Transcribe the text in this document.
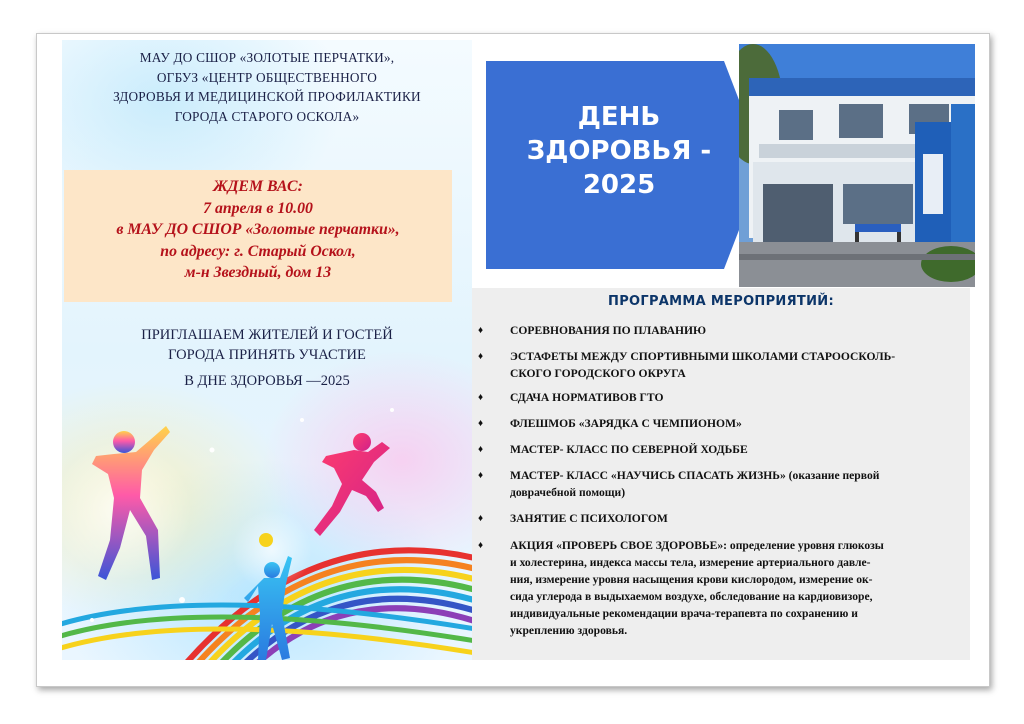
МАУ ДО СШОР «ЗОЛОТЫЕ ПЕРЧАТКИ»,
ОГБУЗ «ЦЕНТР ОБЩЕСТВЕННОГО
ЗДОРОВЬЯ И МЕДИЦИНСКОЙ ПРОФИЛАКТИКИ
ГОРОДА СТАРОГО ОСКОЛА»
ЖДЕМ ВАС:
7 апреля в 10.00
в МАУ ДО СШОР «Золотые перчатки»,
по адресу: г. Старый Оскол,
м-н Звездный, дом 13
ПРИГЛАШАЕМ ЖИТЕЛЕЙ И ГОСТЕЙ
ГОРОДА ПРИНЯТЬ УЧАСТИЕ
В ДНЕ ЗДОРОВЬЯ —2025
ДЕНЬ
ЗДОРОВЬЯ -
2025
ПРОГРАММА МЕРОПРИЯТИЙ:
♦ СОРЕВНОВАНИЯ ПО ПЛАВАНИЮ
♦ ЭСТАФЕТЫ МЕЖДУ СПОРТИВНЫМИ ШКОЛАМИ СТАРООСКОЛЬ-
СКОГО ГОРОДСКОГО ОКРУГА
♦ СДАЧА НОРМАТИВОВ ГТО
♦ ФЛЕШМОБ «ЗАРЯДКА С ЧЕМПИОНОМ»
♦ МАСТЕР- КЛАСС ПО СЕВЕРНОЙ ХОДЬБЕ
♦ МАСТЕР- КЛАСС «НАУЧИСЬ СПАСАТЬ ЖИЗНЬ» (оказание первой
доврачебной помощи)
♦ ЗАНЯТИЕ С ПСИХОЛОГОМ
♦ АКЦИЯ «ПРОВЕРЬ СВОЕ ЗДОРОВЬЕ»: определение уровня глюкозы
и холестерина, индекса массы тела, измерение артериального давле-
ния, измерение уровня насыщения крови кислородом, измерение ок-
сида углерода в выдыхаемом воздухе, обследование на кардиовизоре,
индивидуальные рекомендации врача-терапевта по сохранению и
укреплению здоровья.
